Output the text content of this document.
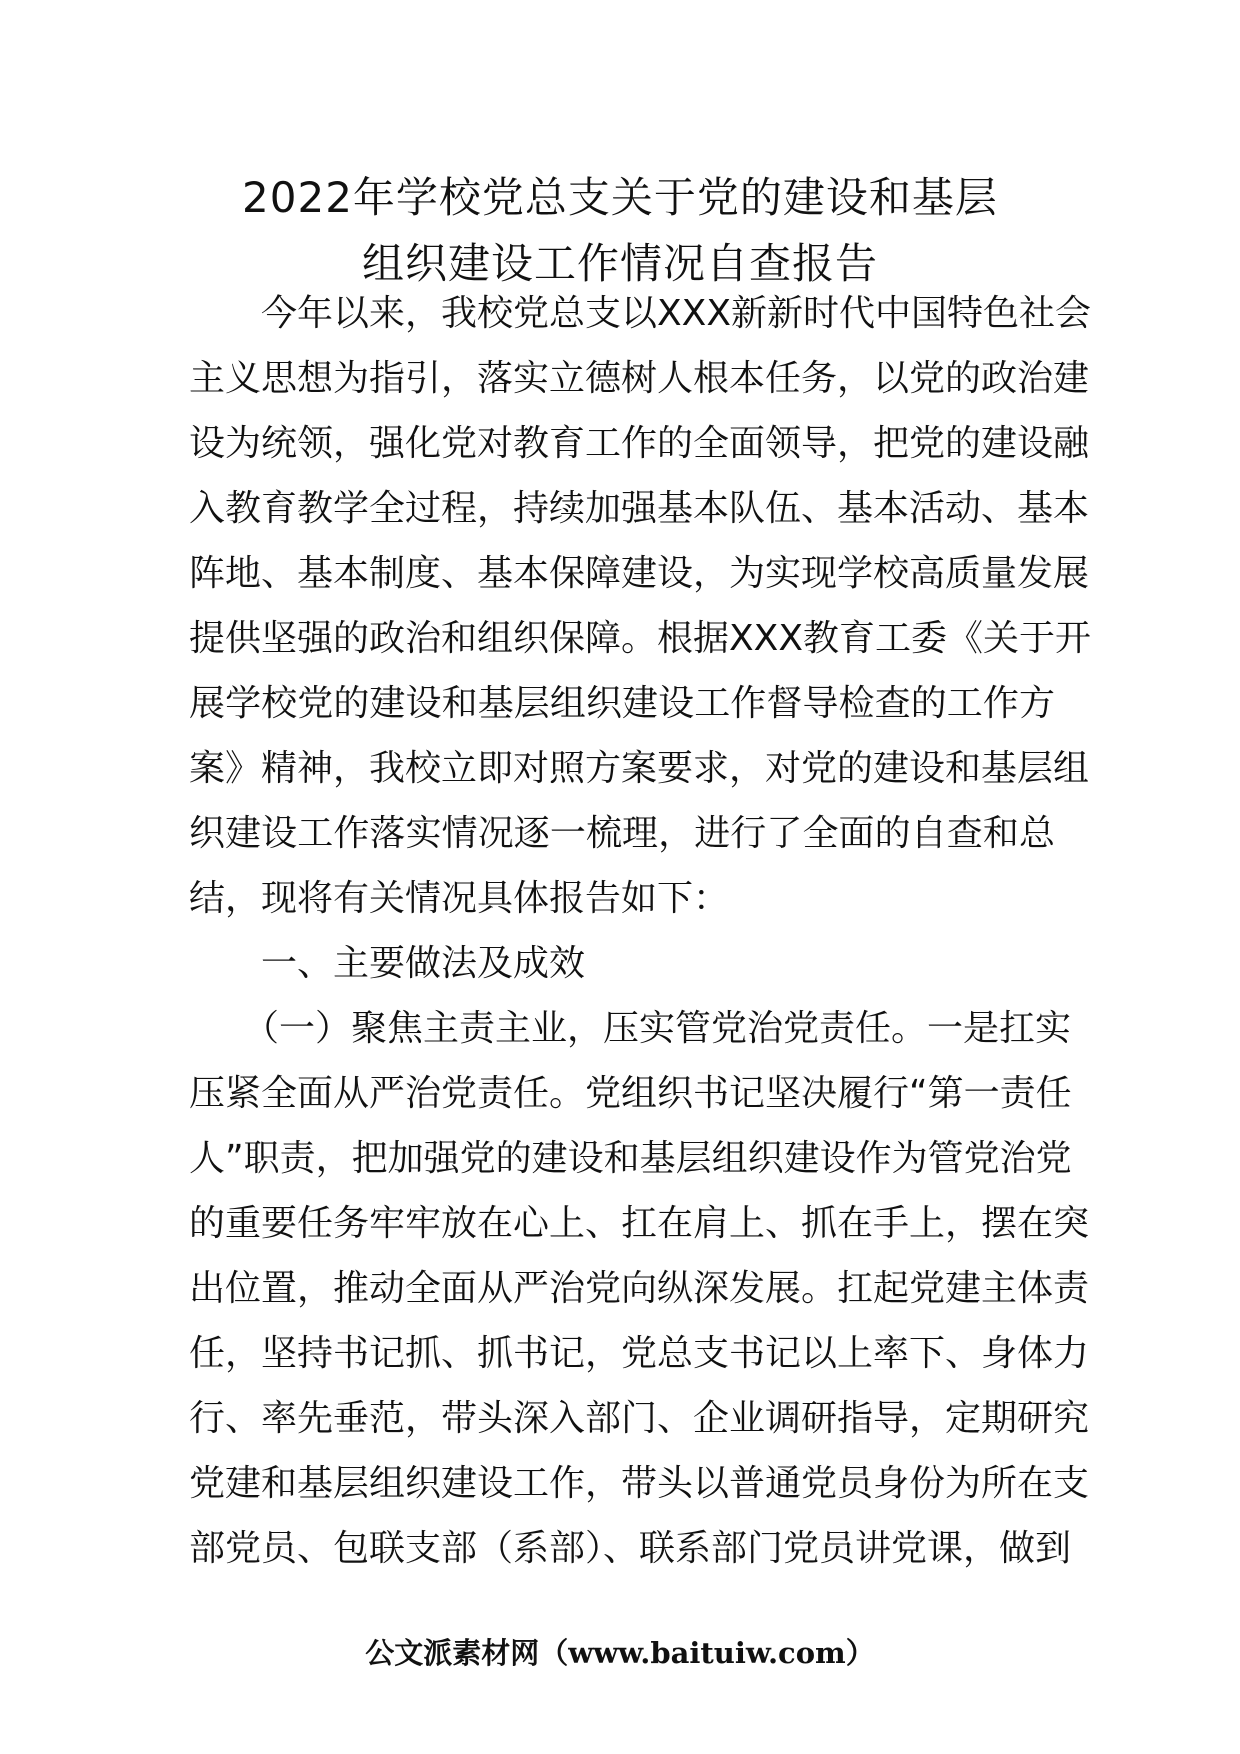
2022年学校党总支关于党的建设和基层
组织建设工作情况自查报告
　　今年以来，我校党总支以XXX新新时代中国特色社会
主义思想为指引，落实立德树人根本任务，以党的政治建
设为统领，强化党对教育工作的全面领导，把党的建设融
入教育教学全过程，持续加强基本队伍、基本活动、基本
阵地、基本制度、基本保障建设，为实现学校高质量发展
提供坚强的政治和组织保障。根据XXX教育工委《关于开
展学校党的建设和基层组织建设工作督导检查的工作方
案》精神，我校立即对照方案要求，对党的建设和基层组
织建设工作落实情况逐一梳理，进行了全面的自查和总
结，现将有关情况具体报告如下：
　　一、主要做法及成效
　　（一）聚焦主责主业，压实管党治党责任。一是扛实
压紧全面从严治党责任。党组织书记坚决履行“第一责任
人”职责，把加强党的建设和基层组织建设作为管党治党
的重要任务牢牢放在心上、扛在肩上、抓在手上，摆在突
出位置，推动全面从严治党向纵深发展。扛起党建主体责
任，坚持书记抓、抓书记，党总支书记以上率下、身体力
行、率先垂范，带头深入部门、企业调研指导，定期研究
党建和基层组织建设工作，带头以普通党员身份为所在支
部党员、包联支部（系部）、联系部门党员讲党课，做到
公文派素材网（www.baituiw.com）
